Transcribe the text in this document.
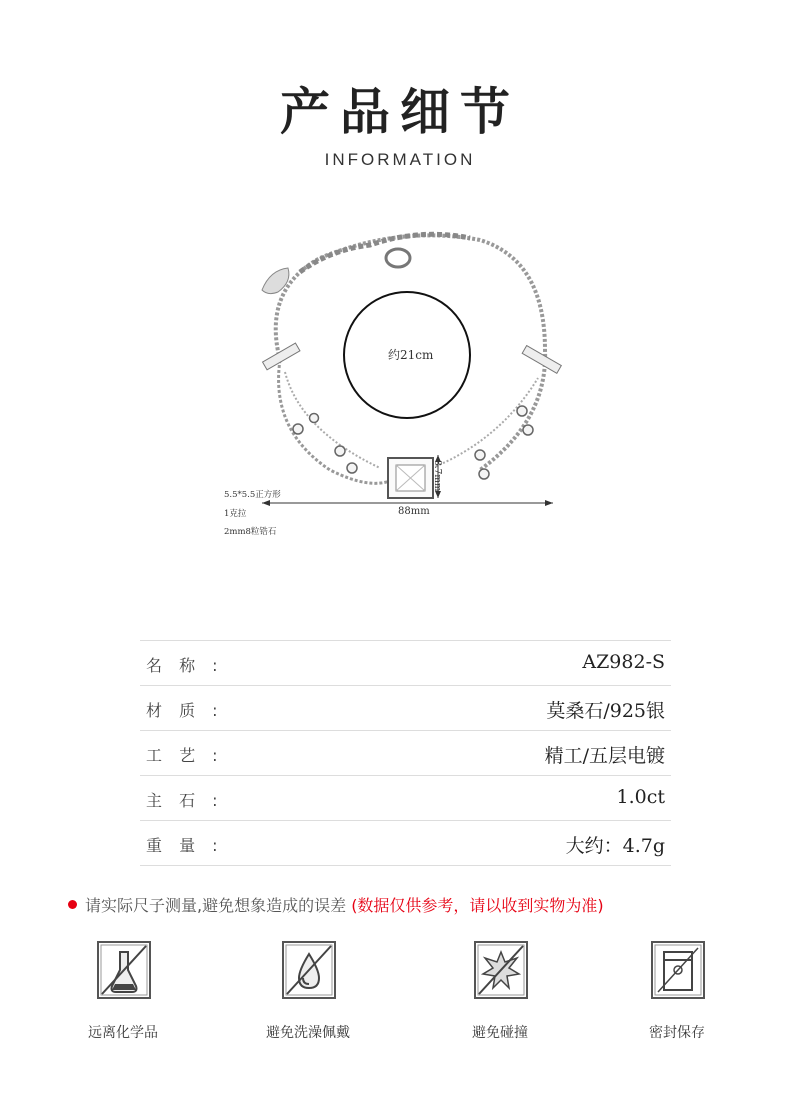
产品细节
INFORMATION
约21cm
8.7mm
88mm
5.5*5.5正方形
1克拉
2mm8粒锆石
名 称 :	AZ982-S
材 质 :	莫桑石/925银
工 艺 :	精工/五层电镀
主 石 :	1.0ct
重 量 :	大约：4.7g
请实际尺子测量,避免想象造成的误差 (数据仅供参考，请以收到实物为准)
远离化学品	避免洗澡佩戴	避免碰撞	密封保存
